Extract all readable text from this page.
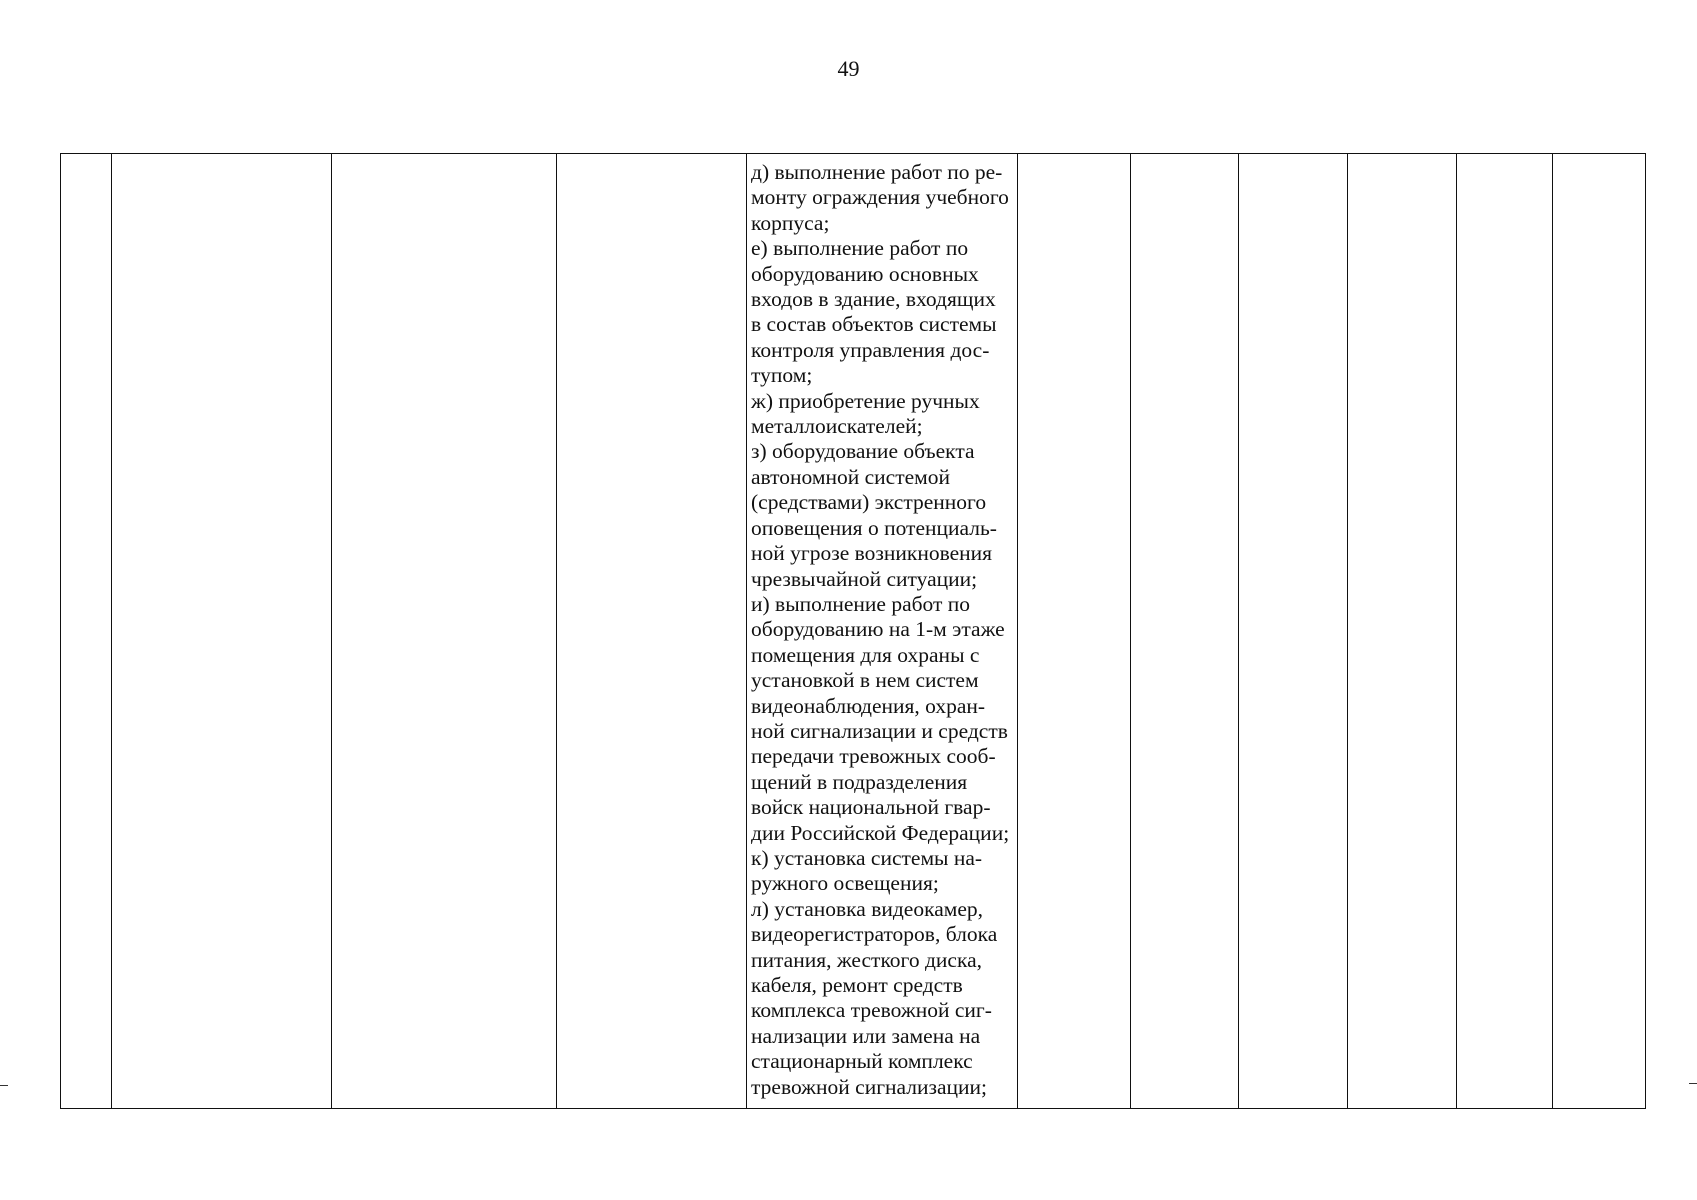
49

д) выполнение работ по ре-
монту ограждения учебного
корпуса;
е) выполнение работ по
оборудованию основных
входов в здание, входящих
в состав объектов системы
контроля управления дос-
тупом;
ж) приобретение ручных
металлоискателей;
з) оборудование объекта
автономной системой
(средствами) экстренного
оповещения о потенциаль-
ной угрозе возникновения
чрезвычайной ситуации;
и) выполнение работ по
оборудованию на 1-м этаже
помещения для охраны с
установкой в нем систем
видеонаблюдения, охран-
ной сигнализации и средств
передачи тревожных сооб-
щений в подразделения
войск национальной гвар-
дии Российской Федерации;
к) установка системы на-
ружного освещения;
л) установка видеокамер,
видеорегистраторов, блока
питания, жесткого диска,
кабеля, ремонт средств
комплекса тревожной сиг-
нализации или замена на
стационарный комплекс
тревожной сигнализации;
